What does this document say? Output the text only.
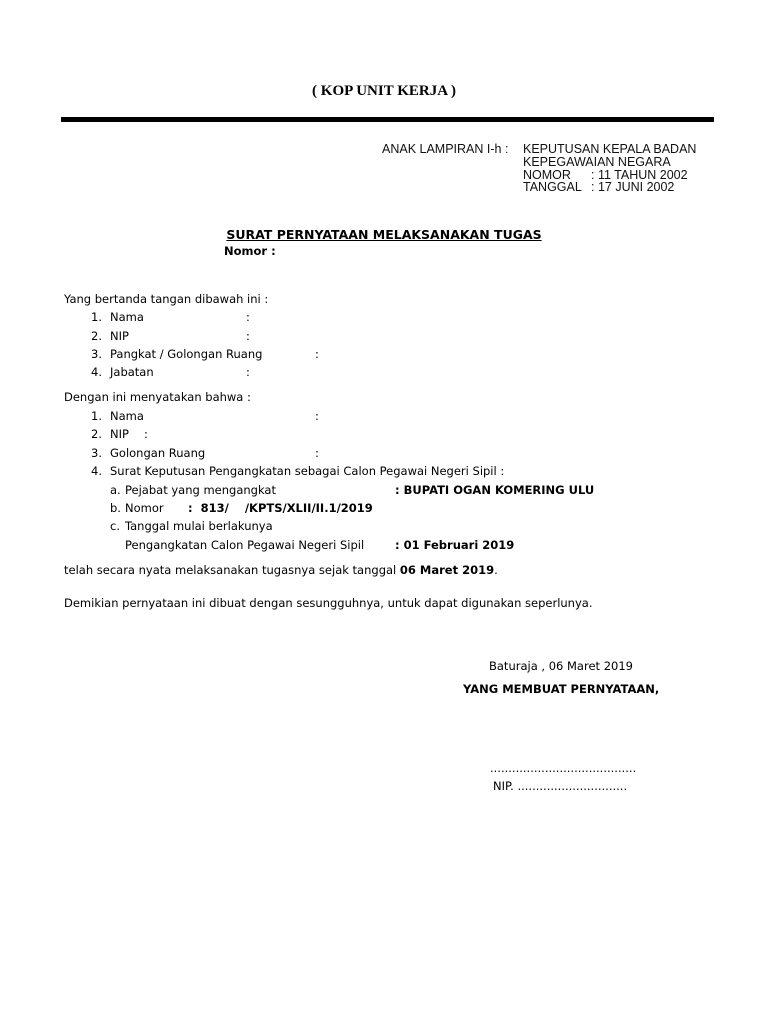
( KOP UNIT KERJA )
ANAK LAMPIRAN I-h : KEPUTUSAN KEPALA BADAN
KEPEGAWAIAN NEGARA
NOMOR : 11 TAHUN 2002
TANGGAL : 17 JUNI 2002
SURAT PERNYATAAN MELAKSANAKAN TUGAS
Nomor :
Yang bertanda tangan dibawah ini :
1. Nama	:
2. NIP	:
3. Pangkat / Golongan Ruang	:
4. Jabatan	:
Dengan ini menyatakan bahwa :
1. Nama	:
2. NIP :
3. Golongan Ruang	:
4. Surat Keputusan Pengangkatan sebagai Calon Pegawai Negeri Sipil :
a. Pejabat yang mengangkat	: BUPATI OGAN KOMERING ULU
b. Nomor :  813/    /KPTS/XLII/II.1/2019
c. Tanggal mulai berlakunya
Pengangkatan Calon Pegawai Negeri Sipil	: 01 Februari 2019
telah secara nyata melaksanakan tugasnya sejak tanggal 06 Maret 2019.
Demikian pernyataan ini dibuat dengan sesungguhnya, untuk dapat digunakan seperlunya.
Baturaja , 06 Maret 2019
YANG MEMBUAT PERNYATAAN,
........................................
NIP. ..............................
